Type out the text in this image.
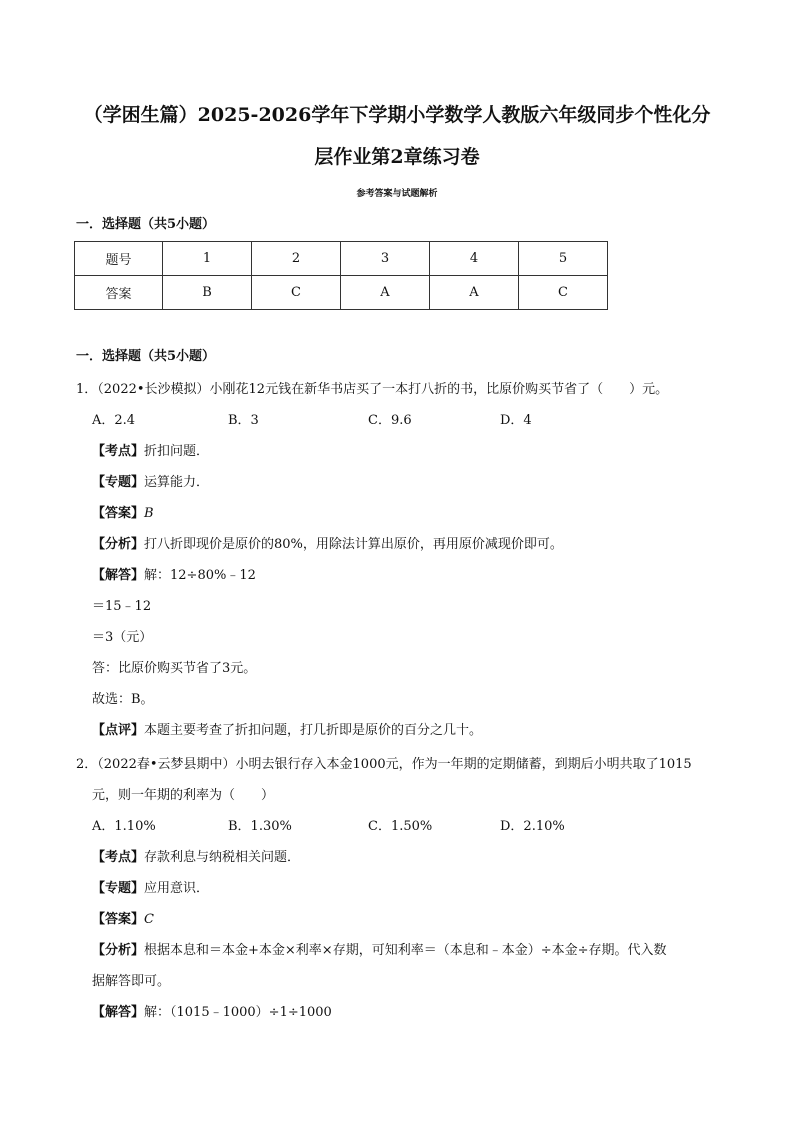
（学困生篇）2025-2026学年下学期小学数学人教版六年级同步个性化分
层作业第2章练习卷
参考答案与试题解析
一．选择题（共5小题）
题号	1	2	3	4	5
答案	B	C	A	A	C
一．选择题（共5小题）
1．（2022•长沙模拟）小刚花12元钱在新华书店买了一本打八折的书，比原价购买节省了（　　）元。
A．2.4	B．3	C．9.6	D．4
【考点】折扣问题．
【专题】运算能力．
【答案】B
【分析】打八折即现价是原价的80%，用除法计算出原价，再用原价减现价即可。
【解答】解：12÷80%﹣12
＝15﹣12
＝3（元）
答：比原价购买节省了3元。
故选：B。
【点评】本题主要考查了折扣问题，打几折即是原价的百分之几十。
2．（2022春•云梦县期中）小明去银行存入本金1000元，作为一年期的定期储蓄，到期后小明共取了1015
元，则一年期的利率为（　　）
A．1.10%	B．1.30%	C．1.50%	D．2.10%
【考点】存款利息与纳税相关问题．
【专题】应用意识．
【答案】C
【分析】根据本息和＝本金+本金×利率×存期，可知利率＝（本息和﹣本金）÷本金÷存期。代入数
据解答即可。
【解答】解：（1015﹣1000）÷1÷1000
